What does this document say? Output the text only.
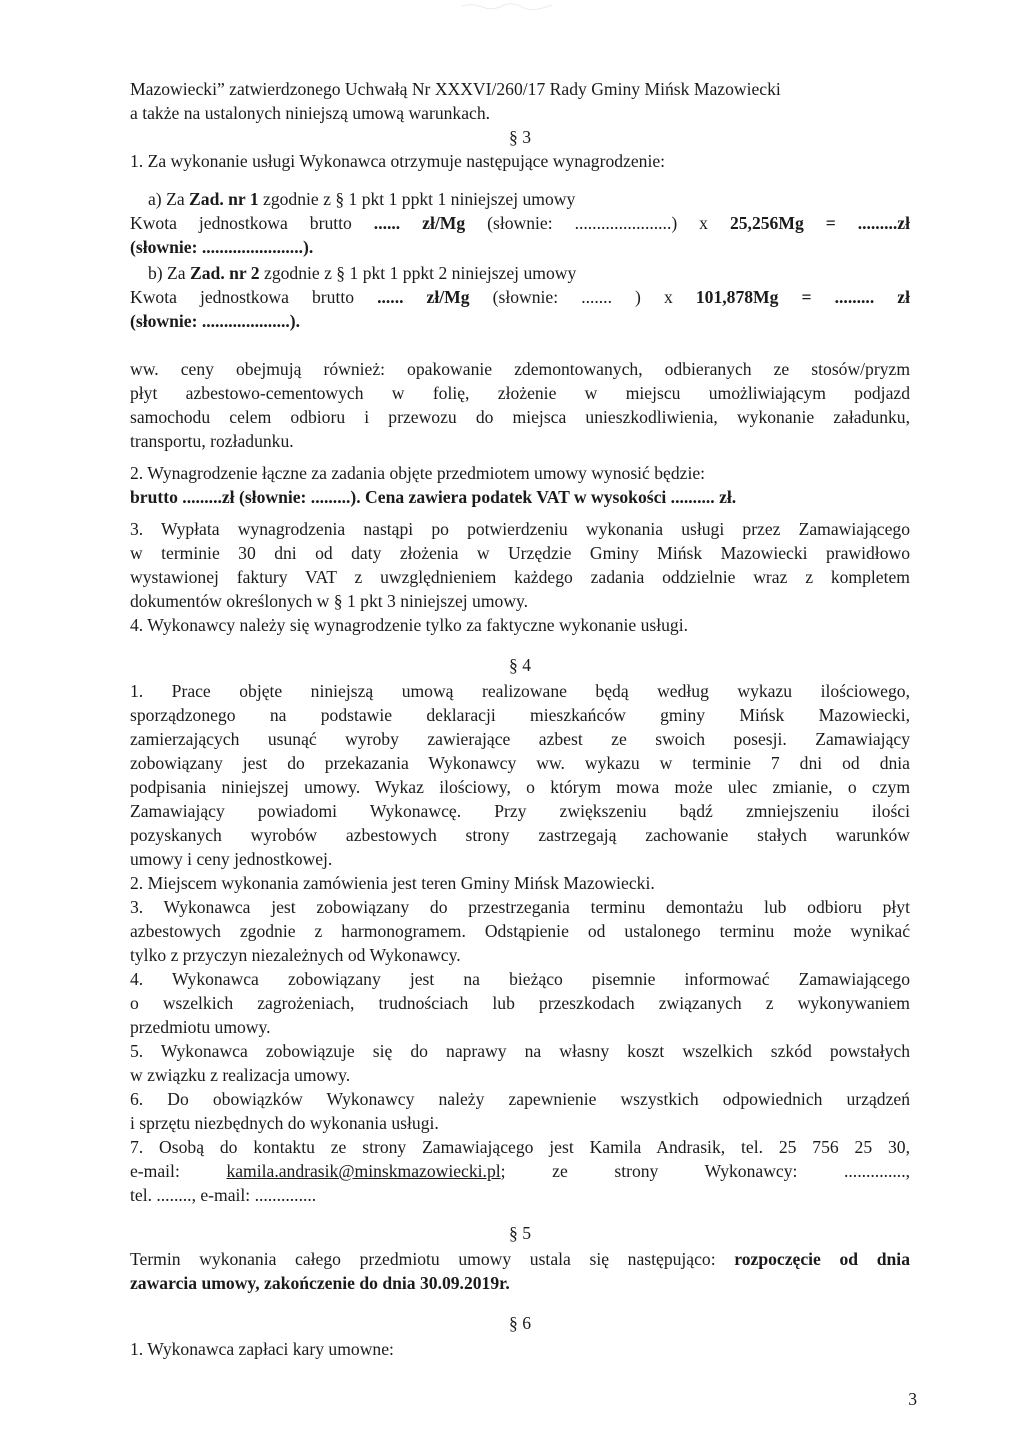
Mazowiecki” zatwierdzonego Uchwałą Nr XXXVI/260/17 Rady Gminy Mińsk Mazowiecki
a także na ustalonych niniejszą umową warunkach.
§ 3
1. Za wykonanie usługi Wykonawca otrzymuje następujące wynagrodzenie:
a) Za Zad. nr 1 zgodnie z § 1 pkt 1 ppkt 1 niniejszej umowy
Kwota jednostkowa brutto ...... zł/Mg (słownie: ......................) x 25,256Mg = .........zł
(słownie: .......................).
b) Za Zad. nr 2 zgodnie z § 1 pkt 1 ppkt 2 niniejszej umowy
Kwota jednostkowa brutto ...... zł/Mg (słownie: ....... ) x 101,878Mg = ......... zł
(słownie: ....................).
ww. ceny obejmują również: opakowanie zdemontowanych, odbieranych ze stosów/pryzm
płyt azbestowo-cementowych w folię, złożenie w miejscu umożliwiającym podjazd
samochodu celem odbioru i przewozu do miejsca unieszkodliwienia, wykonanie załadunku,
transportu, rozładunku.
2. Wynagrodzenie łączne za zadania objęte przedmiotem umowy wynosić będzie:
brutto .........zł (słownie: .........). Cena zawiera podatek VAT w wysokości .......... zł.
3. Wypłata wynagrodzenia nastąpi po potwierdzeniu wykonania usługi przez Zamawiającego
w terminie 30 dni od daty złożenia w Urzędzie Gminy Mińsk Mazowiecki prawidłowo
wystawionej faktury VAT z uwzględnieniem każdego zadania oddzielnie wraz z kompletem
dokumentów określonych w § 1 pkt 3 niniejszej umowy.
4. Wykonawcy należy się wynagrodzenie tylko za faktyczne wykonanie usługi.
§ 4
1. Prace objęte niniejszą umową realizowane będą według wykazu ilościowego,
sporządzonego na podstawie deklaracji mieszkańców gminy Mińsk Mazowiecki,
zamierzających usunąć wyroby zawierające azbest ze swoich posesji. Zamawiający
zobowiązany jest do przekazania Wykonawcy ww. wykazu w terminie 7 dni od dnia
podpisania niniejszej umowy. Wykaz ilościowy, o którym mowa może ulec zmianie, o czym
Zamawiający powiadomi Wykonawcę. Przy zwiększeniu bądź zmniejszeniu ilości
pozyskanych wyrobów azbestowych strony zastrzegają zachowanie stałych warunków
umowy i ceny jednostkowej.
2. Miejscem wykonania zamówienia jest teren Gminy Mińsk Mazowiecki.
3. Wykonawca jest zobowiązany do przestrzegania terminu demontażu lub odbioru płyt
azbestowych zgodnie z harmonogramem. Odstąpienie od ustalonego terminu może wynikać
tylko z przyczyn niezależnych od Wykonawcy.
4. Wykonawca zobowiązany jest na bieżąco pisemnie informować Zamawiającego
o wszelkich zagrożeniach, trudnościach lub przeszkodach związanych z wykonywaniem
przedmiotu umowy.
5. Wykonawca zobowiązuje się do naprawy na własny koszt wszelkich szkód powstałych
w związku z realizacja umowy.
6. Do obowiązków Wykonawcy należy zapewnienie wszystkich odpowiednich urządzeń
i sprzętu niezbędnych do wykonania usługi.
7. Osobą do kontaktu ze strony Zamawiającego jest Kamila Andrasik, tel. 25 756 25 30,
e-mail: kamila.andrasik@minskmazowiecki.pl; ze strony Wykonawcy: ..............,
tel. ........, e-mail: ..............
§ 5
Termin wykonania całego przedmiotu umowy ustala się następująco: rozpoczęcie od dnia
zawarcia umowy, zakończenie do dnia 30.09.2019r.
§ 6
1. Wykonawca zapłaci kary umowne:
3
